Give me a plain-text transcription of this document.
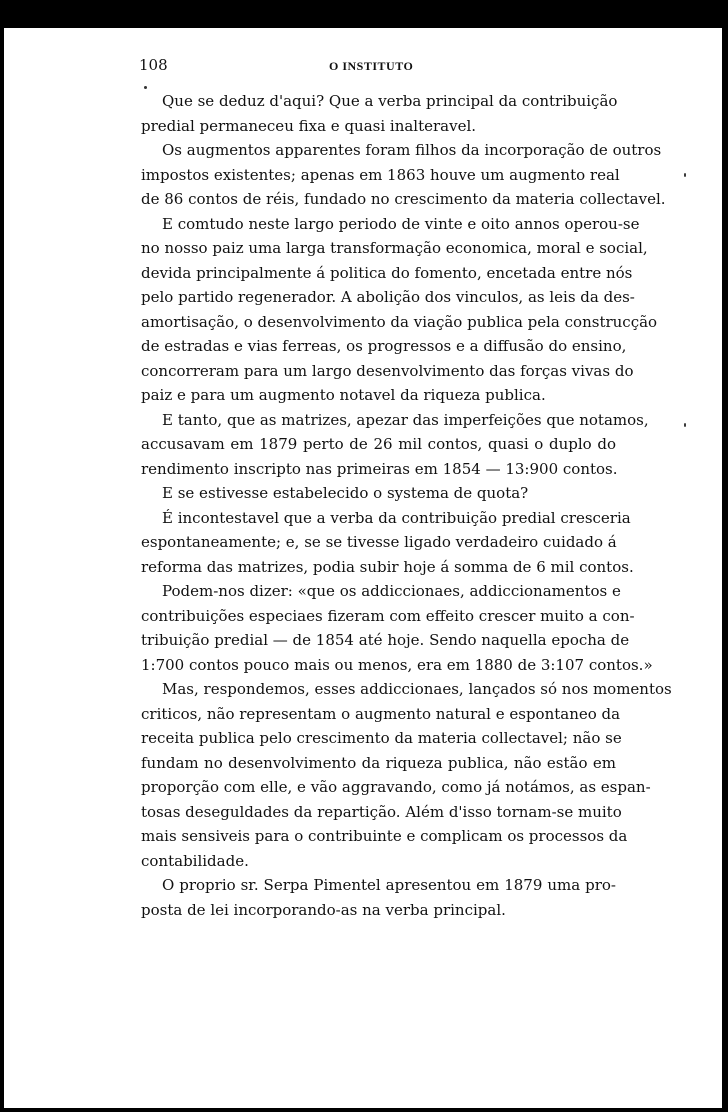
108	O INSTITUTO
Que se deduz d'aqui? Que a verba principal da contribuição
predial permaneceu fixa e quasi inalteravel.
Os augmentos apparentes foram filhos da incorporação de outros
impostos existentes; apenas em 1863 houve um augmento real
de 86 contos de réis, fundado no crescimento da materia collectavel.
E comtudo neste largo periodo de vinte e oito annos operou-se
no nosso paiz uma larga transformação economica, moral e social,
devida principalmente á politica do fomento, encetada entre nós
pelo partido regenerador. A abolição dos vinculos, as leis da des-
amortisação, o desenvolvimento da viação publica pela construcção
de estradas e vias ferreas, os progressos e a diffusão do ensino,
concorreram para um largo desenvolvimento das forças vivas do
paiz e para um augmento notavel da riqueza publica.
E tanto, que as matrizes, apezar das imperfeições que notamos,
accusavam em 1879 perto de 26 mil contos, quasi o duplo do
rendimento inscripto nas primeiras em 1854 — 13:900 contos.
E se estivesse estabelecido o systema de quota?
É incontestavel que a verba da contribuição predial cresceria
espontaneamente; e, se se tivesse ligado verdadeiro cuidado á
reforma das matrizes, podia subir hoje á somma de 6 mil contos.
Podem-nos dizer: «que os addiccionaes, addiccionamentos e
contribuições especiaes fizeram com effeito crescer muito a con-
tribuição predial — de 1854 até hoje. Sendo naquella epocha de
1:700 contos pouco mais ou menos, era em 1880 de 3:107 contos.»
Mas, respondemos, esses addiccionaes, lançados só nos momentos
criticos, não representam o augmento natural e espontaneo da
receita publica pelo crescimento da materia collectavel; não se
fundam no desenvolvimento da riqueza publica, não estão em
proporção com elle, e vão aggravando, como já notámos, as espan-
tosas deseguldades da repartição. Além d'isso tornam-se muito
mais sensiveis para o contribuinte e complicam os processos da
contabilidade.
O proprio sr. Serpa Pimentel apresentou em 1879 uma pro-
posta de lei incorporando-as na verba principal.
